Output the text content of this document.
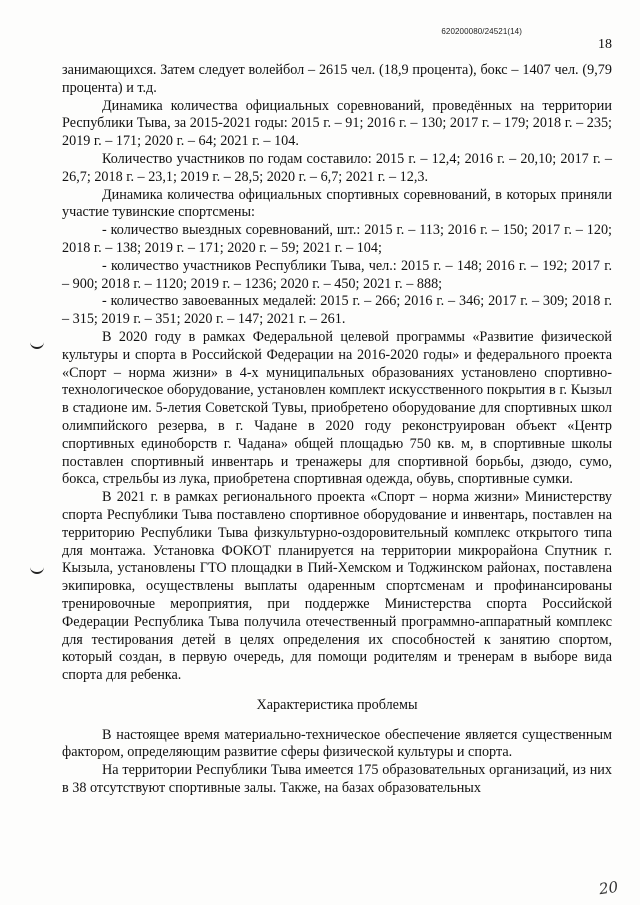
620200080/24521(14)
18

занимающихся. Затем следует волейбол – 2615 чел. (18,9 процента), бокс – 1407 чел. (9,79 процента) и т.д.

Динамика количества официальных соревнований, проведённых на территории Республики Тыва, за 2015-2021 годы: 2015 г. – 91; 2016 г. – 130; 2017 г. – 179; 2018 г. – 235; 2019 г. – 171; 2020 г. – 64; 2021 г. – 104.

Количество участников по годам составило: 2015 г. – 12,4; 2016 г. – 20,10; 2017 г. – 26,7; 2018 г. – 23,1; 2019 г. – 28,5; 2020 г. – 6,7; 2021 г. – 12,3.

Динамика количества официальных спортивных соревнований, в которых приняли участие тувинские спортсмены:

- количество выездных соревнований, шт.: 2015 г. – 113; 2016 г. – 150; 2017 г. – 120; 2018 г. – 138; 2019 г. – 171; 2020 г. – 59; 2021 г. – 104;

- количество участников Республики Тыва, чел.: 2015 г. – 148; 2016 г. – 192; 2017 г. – 900; 2018 г. – 1120; 2019 г. – 1236; 2020 г. – 450; 2021 г. – 888;

- количество завоеванных медалей: 2015 г. – 266; 2016 г. – 346; 2017 г. – 309; 2018 г. – 315; 2019 г. – 351; 2020 г. – 147; 2021 г. – 261.

В 2020 году в рамках Федеральной целевой программы «Развитие физической культуры и спорта в Российской Федерации на 2016-2020 годы» и федерального проекта «Спорт – норма жизни» в 4-х муниципальных образованиях установлено спортивно-технологическое оборудование, установлен комплект искусственного покрытия в г. Кызыл в стадионе им. 5-летия Советской Тувы, приобретено оборудование для спортивных школ олимпийского резерва, в г. Чадане в 2020 году реконструирован объект «Центр спортивных единоборств г. Чадана» общей площадью 750 кв. м, в спортивные школы поставлен спортивный инвентарь и тренажеры для спортивной борьбы, дзюдо, сумо, бокса, стрельбы из лука, приобретена спортивная одежда, обувь, спортивные сумки.

В 2021 г. в рамках регионального проекта «Спорт – норма жизни» Министерству спорта Республики Тыва поставлено спортивное оборудование и инвентарь, поставлен на территорию Республики Тыва физкультурно-оздоровительный комплекс открытого типа для монтажа. Установка ФОКОТ планируется на территории микрорайона Спутник г. Кызыла, установлены ГТО площадки в Пий-Хемском и Тоджинском районах, поставлена экипировка, осуществлены выплаты одаренным спортсменам и профинансированы тренировочные мероприятия, при поддержке Министерства спорта Российской Федерации Республика Тыва получила отечественный программно-аппаратный комплекс для тестирования детей в целях определения их способностей к занятию спортом, который создан, в первую очередь, для помощи родителям и тренерам в выборе вида спорта для ребенка.

Характеристика проблемы

В настоящее время материально-техническое обеспечение является существенным фактором, определяющим развитие сферы физической культуры и спорта.

На территории Республики Тыва имеется 175 образовательных организаций, из них в 38 отсутствуют спортивные залы. Также, на базах образовательных

20
